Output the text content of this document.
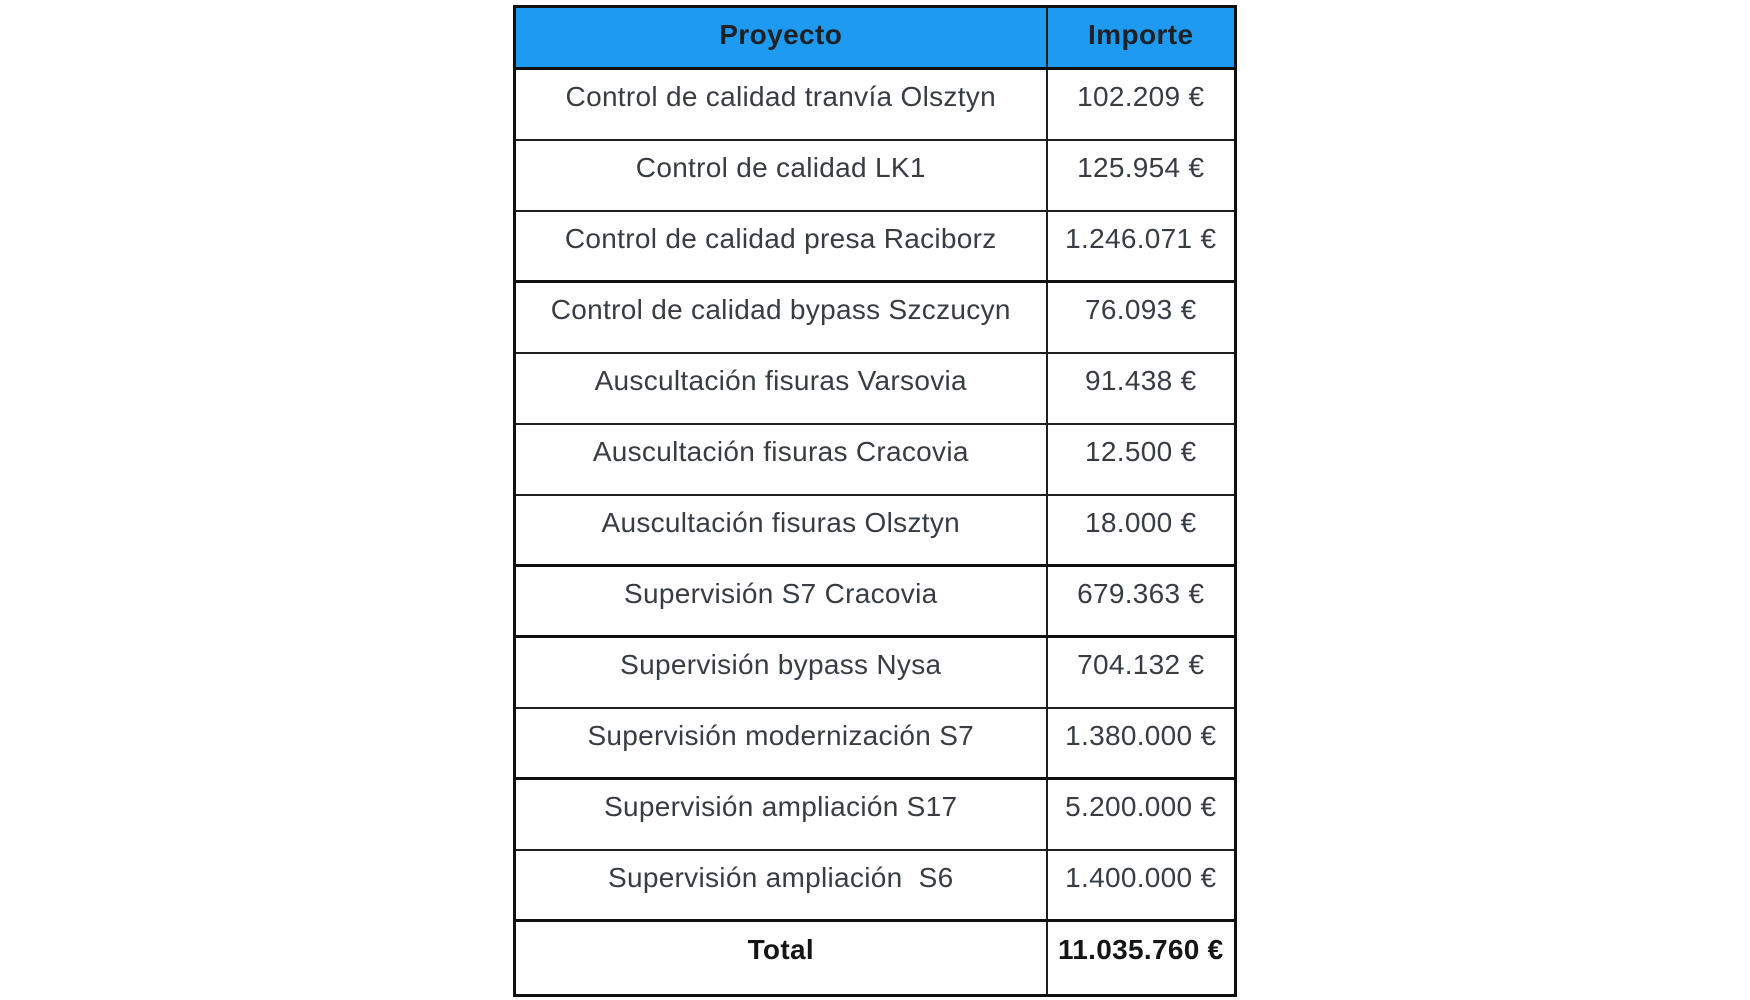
Proyecto	Importe
Control de calidad tranvía Olsztyn	102.209 €
Control de calidad LK1	125.954 €
Control de calidad presa Raciborz	1.246.071 €
Control de calidad bypass Szczucyn	76.093 €
Auscultación fisuras Varsovia	91.438 €
Auscultación fisuras Cracovia	12.500 €
Auscultación fisuras Olsztyn	18.000 €
Supervisión S7 Cracovia	679.363 €
Supervisión bypass Nysa	704.132 €
Supervisión modernización S7	1.380.000 €
Supervisión ampliación S17	5.200.000 €
Supervisión ampliación  S6	1.400.000 €
Total	11.035.760 €
